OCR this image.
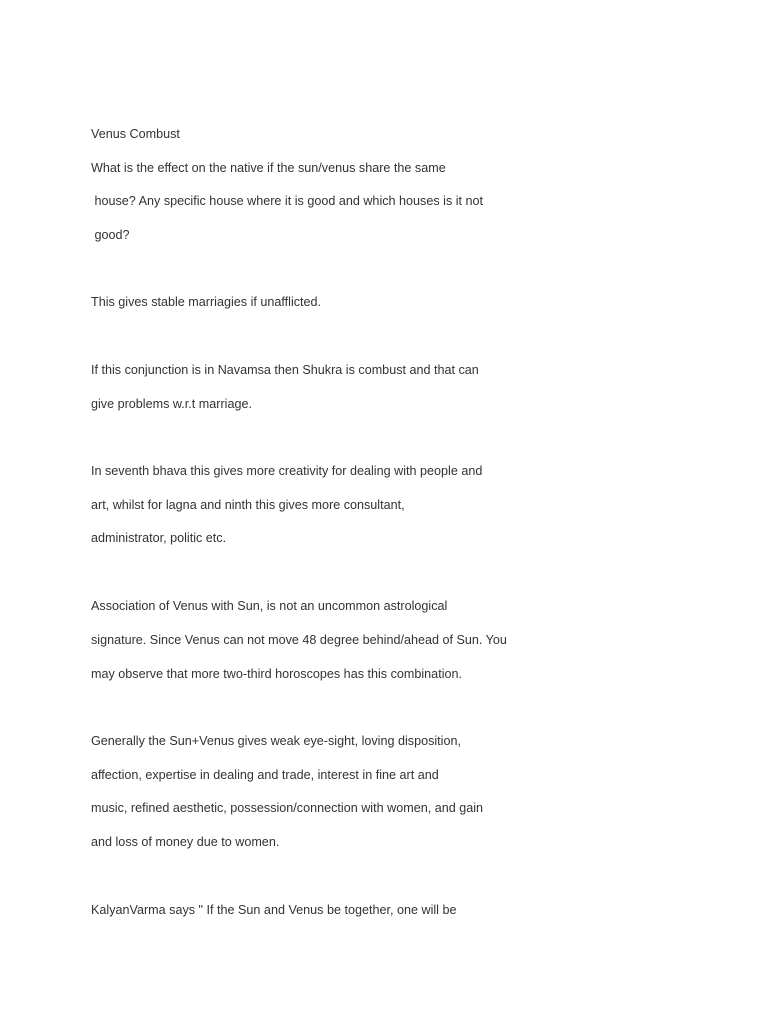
Venus Combust
What is the effect on the native if the sun/venus share the same
house? Any specific house where it is good and which houses is it not
good?
This gives stable marriagies if unafflicted.
If this conjunction is in Navamsa then Shukra is combust and that can
give problems w.r.t marriage.
In seventh bhava this gives more creativity for dealing with people and
art, whilst for lagna and ninth this gives more consultant,
administrator, politic etc.
Association of Venus with Sun, is not an uncommon astrological
signature. Since Venus can not move 48 degree behind/ahead of Sun. You
may observe that more two-third horoscopes has this combination.
Generally the Sun+Venus gives weak eye-sight, loving disposition,
affection, expertise in dealing and trade, interest in fine art and
music, refined aesthetic, possession/connection with women, and gain
and loss of money due to women.
KalyanVarma says " If the Sun and Venus be together, one will be
